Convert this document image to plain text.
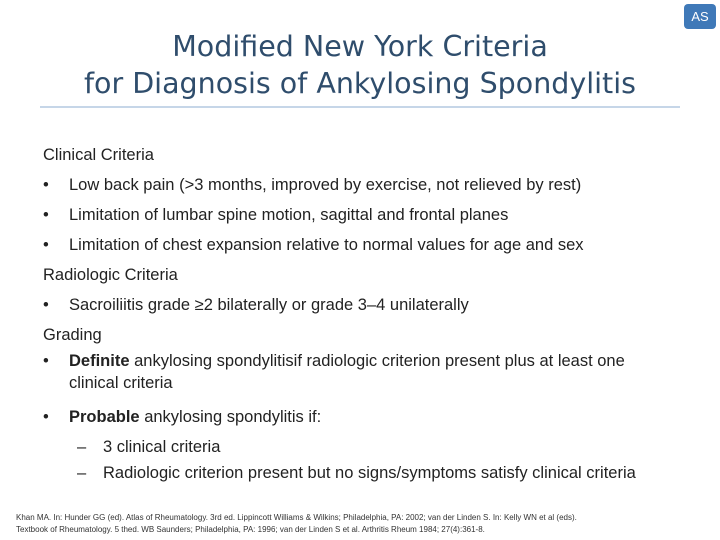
AS
Modified New York Criteria
for Diagnosis of Ankylosing Spondylitis
Clinical Criteria
• Low back pain (>3 months, improved by exercise, not relieved by rest)
• Limitation of lumbar spine motion, sagittal and frontal planes
• Limitation of chest expansion relative to normal values for age and sex
Radiologic Criteria
• Sacroiliitis grade ≥2 bilaterally or grade 3–4 unilaterally
Grading
• Definite ankylosing spondylitisif radiologic criterion present plus at least one clinical criteria
• Probable ankylosing spondylitis if:
– 3 clinical criteria
– Radiologic criterion present but no signs/symptoms satisfy clinical criteria
Khan MA. In: Hunder GG (ed). Atlas of Rheumatology. 3rd ed. Lippincott Williams & Wilkins; Philadelphia, PA: 2002; van der Linden S. In: Kelly WN et al (eds).
Textbook of Rheumatology. 5 thed. WB Saunders; Philadelphia, PA: 1996; van der Linden S et al. Arthritis Rheum 1984; 27(4):361-8.
